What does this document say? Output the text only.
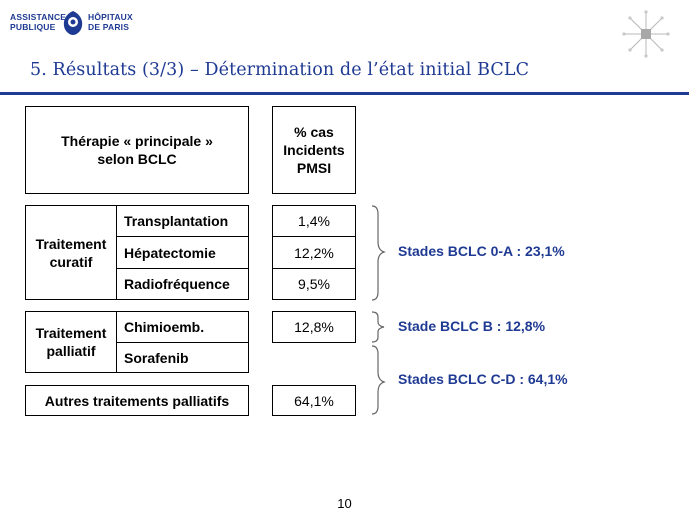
ASSISTANCE
PUBLIQUE
HÔPITAUX
DE PARIS
5. Résultats (3/3) – Détermination de l’état initial BCLC
Thérapie « principale » selon BCLC
% cas Incidents PMSI
Traitement curatif
Transplantation
Hépatectomie
Radiofréquence
1,4%
12,2%
9,5%
Traitement palliatif
Chimioemb.
Sorafenib
12,8%
Autres traitements palliatifs	64,1%
Stades BCLC 0-A : 23,1%
Stade BCLC B : 12,8%
Stades BCLC C-D : 64,1%
10
